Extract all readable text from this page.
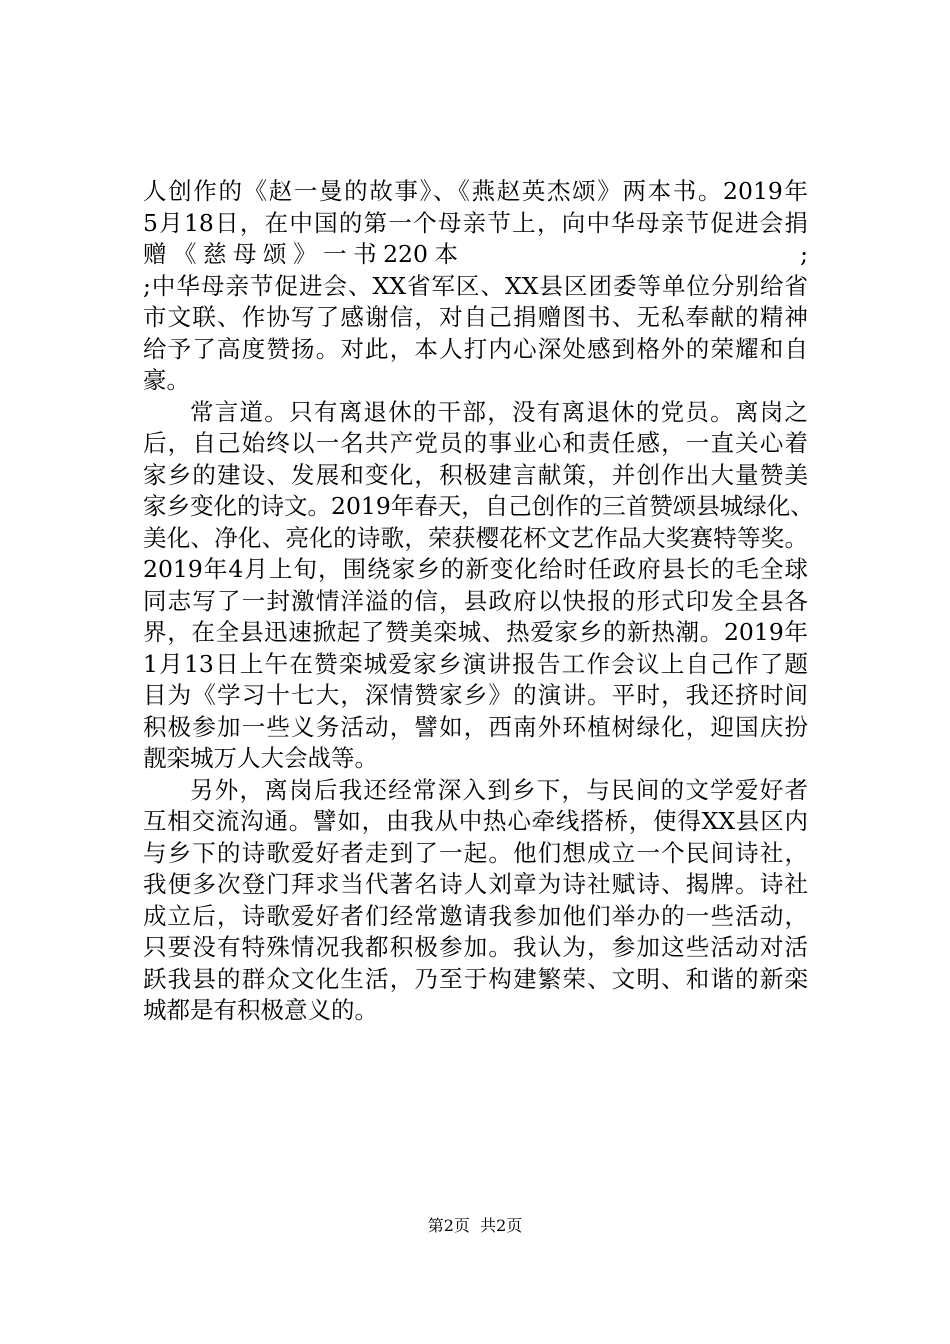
人创作的《赵一曼的故事》、《燕赵英杰颂》两本书。2019年
5月18日，在中国的第一个母亲节上，向中华母亲节促进会捐
赠《慈母颂》一书220本                        ;
;中华母亲节促进会、XX省军区、XX县区团委等单位分别给省
市文联、作协写了感谢信，对自己捐赠图书、无私奉献的精神
给予了高度赞扬。对此，本人打内心深处感到格外的荣耀和自
豪。
常言道。只有离退休的干部，没有离退休的党员。离岗之
后，自己始终以一名共产党员的事业心和责任感，一直关心着
家乡的建设、发展和变化，积极建言献策，并创作出大量赞美
家乡变化的诗文。2019年春天，自己创作的三首赞颂县城绿化、
美化、净化、亮化的诗歌，荣获樱花杯文艺作品大奖赛特等奖。
2019年4月上旬，围绕家乡的新变化给时任政府县长的毛全球
同志写了一封激情洋溢的信，县政府以快报的形式印发全县各
界，在全县迅速掀起了赞美栾城、热爱家乡的新热潮。2019年
1月13日上午在赞栾城爱家乡演讲报告工作会议上自己作了题
目为《学习十七大，深情赞家乡》的演讲。平时，我还挤时间
积极参加一些义务活动，譬如，西南外环植树绿化，迎国庆扮
靓栾城万人大会战等。
另外，离岗后我还经常深入到乡下，与民间的文学爱好者
互相交流沟通。譬如，由我从中热心牵线搭桥，使得XX县区内
与乡下的诗歌爱好者走到了一起。他们想成立一个民间诗社，
我便多次登门拜求当代著名诗人刘章为诗社赋诗、揭牌。诗社
成立后，诗歌爱好者们经常邀请我参加他们举办的一些活动，
只要没有特殊情况我都积极参加。我认为，参加这些活动对活
跃我县的群众文化生活，乃至于构建繁荣、文明、和谐的新栾
城都是有积极意义的。
第2页  共2页
